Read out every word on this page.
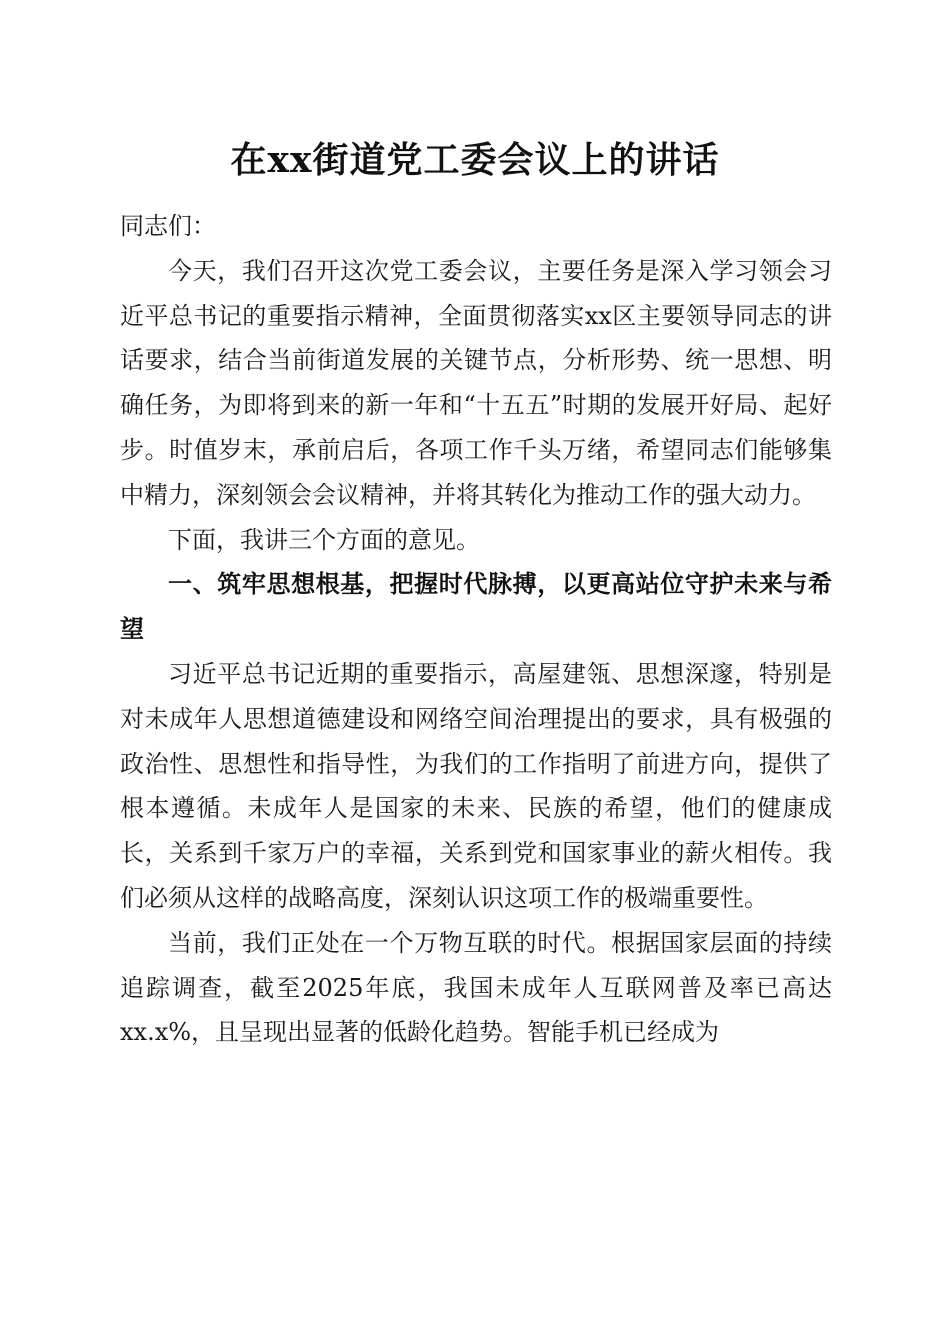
在xx街道党工委会议上的讲话

同志们：

今天，我们召开这次党工委会议，主要任务是深入学习领会习近平总书记的重要指示精神，全面贯彻落实xx区主要领导同志的讲话要求，结合当前街道发展的关键节点，分析形势、统一思想、明确任务，为即将到来的新一年和“十五五”时期的发展开好局、起好步。时值岁末，承前启后，各项工作千头万绪，希望同志们能够集中精力，深刻领会会议精神，并将其转化为推动工作的强大动力。

下面，我讲三个方面的意见。

一、筑牢思想根基，把握时代脉搏，以更高站位守护未来与希望

习近平总书记近期的重要指示，高屋建瓴、思想深邃，特别是对未成年人思想道德建设和网络空间治理提出的要求，具有极强的政治性、思想性和指导性，为我们的工作指明了前进方向，提供了根本遵循。未成年人是国家的未来、民族的希望，他们的健康成长，关系到千家万户的幸福，关系到党和国家事业的薪火相传。我们必须从这样的战略高度，深刻认识这项工作的极端重要性。

当前，我们正处在一个万物互联的时代。根据国家层面的持续追踪调查，截至2025年底，我国未成年人互联网普及率已高达xx.x%，且呈现出显著的低龄化趋势。智能手机已经成为
